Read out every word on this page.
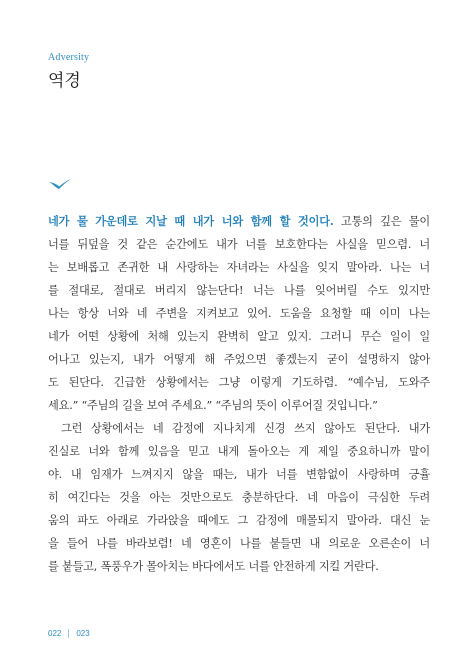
Adversity
역경
네가 물 가운데로 지날 때 내가 너와 함께 할 것이다. 고통의 깊은 물이
너를 뒤덮을 것 같은 순간에도 내가 너를 보호한다는 사실을 믿으렴. 너
는 보배롭고 존귀한 내 사랑하는 자녀라는 사실을 잊지 말아라. 나는 너
를 절대로, 절대로 버리지 않는단다! 너는 나를 잊어버릴 수도 있지만
나는 항상 너와 네 주변을 지켜보고 있어. 도움을 요청할 때 이미 나는
네가 어떤 상황에 처해 있는지 완벽히 알고 있지. 그러니 무슨 일이 일
어나고 있는지, 내가 어떻게 해 주었으면 좋겠는지 굳이 설명하지 않아
도 된단다. 긴급한 상황에서는 그냥 이렇게 기도하렴. “예수님, 도와주
세요.” “주님의 길을 보여 주세요.” “주님의 뜻이 이루어질 것입니다.”
그런 상황에서는 네 감정에 지나치게 신경 쓰지 않아도 된단다. 내가
진실로 너와 함께 있음을 믿고 내게 돌아오는 게 제일 중요하니까 말이
야. 내 임재가 느껴지지 않을 때는, 내가 너를 변함없이 사랑하며 긍휼
히 여긴다는 것을 아는 것만으로도 충분하단다. 네 마음이 극심한 두려
움의 파도 아래로 가라앉을 때에도 그 감정에 매몰되지 말아라. 대신 눈
을 들어 나를 바라보렴! 네 영혼이 나를 붙들면 내 의로운 오른손이 너
를 붙들고, 폭풍우가 몰아치는 바다에서도 너를 안전하게 지킬 거란다.
022 023
